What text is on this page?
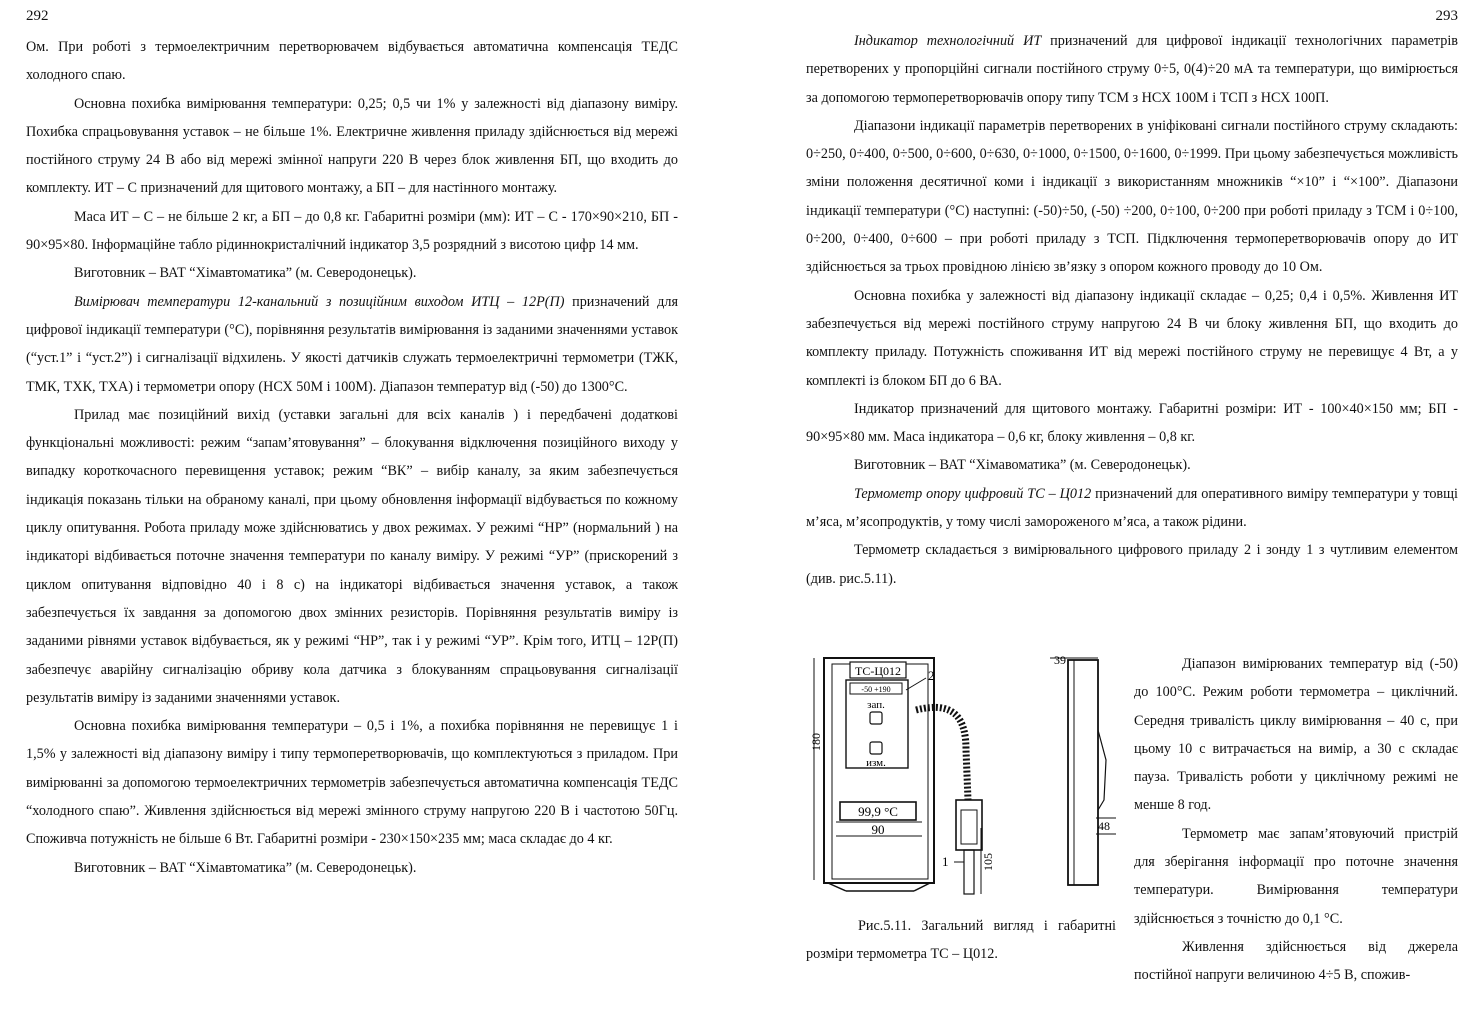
292

Ом. При роботі з термоелектричним перетворювачем відбувається автоматична компенсація ТЕДС холодного спаю.

Основна похибка вимірювання температури: 0,25; 0,5 чи 1% у залежності від діапазону виміру. Похибка спрацьовування уставок – не більше 1%. Електричне живлення приладу здійснюється від мережі постійного струму 24 В або від мережі змінної напруги 220 В через блок живлення БП, що входить до комплекту. ИТ – С призначений для щитового монтажу, а БП – для настінного монтажу.

Маса ИТ – С – не більше 2 кг, а БП – до 0,8 кг. Габаритні розміри (мм): ИТ – С - 170×90×210, БП - 90×95×80. Інформаційне табло рідиннокристалічний індикатор 3,5 розрядний з висотою цифр 14 мм.

Виготовник – ВАТ “Хімавтоматика” (м. Северодонецьк).

Вимірювач температури 12-канальний з позиційним виходом ИТЦ – 12Р(П) призначений для цифрової індикації температури (°С), порівняння результатів вимірювання із заданими значеннями уставок (“уст.1” і “уст.2”) і сигналізації відхилень. У якості датчиків служать термоелектричні термометри (ТЖК, ТМК, ТХК, ТХА) і термометри опору (НСХ 50М і 100М). Діапазон температур від (-50) до 1300°С.

Прилад має позиційний вихід (уставки загальні для всіх каналів ) і передбачені додаткові функціональні можливості: режим “запам’ятовування” – блокування відключення позиційного виходу у випадку короткочасного перевищення уставок; режим “ВК” – вибір каналу, за яким забезпечується індикація показань тільки на обраному каналі, при цьому обновлення інформації відбувається по кожному циклу опитування. Робота приладу може здійснюватись у двох режимах. У режимі “НР” (нормальний ) на індикаторі відбивається поточне значення температури по каналу виміру. У режимі “УР” (прискорений з циклом опитування відповідно 40 і 8 с) на індикаторі відбивається значення уставок, а також забезпечується їх завдання за допомогою двох змінних резисторів. Порівняння результатів виміру із заданими рівнями уставок відбувається, як у режимі “НР”, так і у режимі “УР”. Крім того, ИТЦ – 12Р(П) забезпечує аварійну сигналізацію обриву кола датчика з блокуванням спрацьовування сигналізації результатів виміру із заданими значеннями уставок.

Основна похибка вимірювання температури – 0,5 і 1%, а похибка порівняння не перевищує 1 і 1,5% у залежності від діапазону виміру і типу термоперетворювачів, що комплектуються з приладом. При вимірюванні за допомогою термоелектричних термометрів забезпечується автоматична компенсація ТЕДС “холодного спаю”. Живлення здійснюється від мережі змінного струму напругою 220 В і частотою 50Гц. Споживча потужність не більше 6 Вт. Габаритні розміри - 230×150×235 мм; маса складає до 4 кг.

Виготовник – ВАТ “Хімавтоматика” (м. Северодонецьк).

293

Індикатор технологічний ИТ призначений для цифрової індикації технологічних параметрів перетворених у пропорційні сигнали постійного струму 0÷5, 0(4)÷20 мА та температури, що вимірюється за допомогою термоперетворювачів опору типу ТСМ з НСХ 100М і ТСП з НСХ 100П.

Діапазони індикації параметрів перетворених в уніфіковані сигнали постійного струму складають: 0÷250, 0÷400, 0÷500, 0÷600, 0÷630, 0÷1000, 0÷1500, 0÷1600, 0÷1999. При цьому забезпечується можливість зміни положення десятичної коми і індикації з використанням множників “×10” і “×100”. Діапазони індикації температури (°С) наступні: (-50)÷50, (-50) ÷200, 0÷100, 0÷200 при роботі приладу з ТСМ і 0÷100, 0÷200, 0÷400, 0÷600 – при роботі приладу з ТСП. Підключення термоперетворювачів опору до ИТ здійснюється за трьох провідною лінією зв’язку з опором кожного проводу до 10 Ом.

Основна похибка у залежності від діапазону індикації складає – 0,25; 0,4 і 0,5%. Живлення ИТ забезпечується від мережі постійного струму напругою 24 В чи блоку живлення БП, що входить до комплекту приладу. Потужність споживання ИТ від мережі постійного струму не перевищує 4 Вт, а у комплекті із блоком БП до 6 ВА.

Індикатор призначений для щитового монтажу. Габаритні розміри: ИТ - 100×40×150 мм; БП - 90×95×80 мм. Маса індикатора – 0,6 кг, блоку живлення – 0,8 кг.

Виготовник – ВАТ “Хімавоматика” (м. Северодонецьк).

Термометр опору цифровий ТС – Ц012 призначений для оперативного виміру температури у товщі м’яса, м’ясопродуктів, у тому числі замороженого м’яса, а також рідини.

Термометр складається з вимірювального цифрового приладу 2 і зонду 1 з чутливим елементом (див. рис.5.11).

ТС-Ц012
-50 +190
зап.
изм.
99,9 °С
90
180
2
105
1
39
48
Рис.5.11. Загальний вигляд і габаритні розміри термометра ТС – Ц012.

Діапазон вимірюваних температур від (-50) до 100°С. Режим роботи термометра – циклічний. Середня тривалість циклу вимірювання – 40 с, при цьому 10 с витрачається на вимір, а 30 с складає пауза. Тривалість роботи у циклічному режимі не менше 8 год.

Термометр має запам’ятовуючий пристрій для зберігання інформації про поточне значення температури. Вимірювання температури здійснюється з точністю до 0,1 °С.

Живлення здійснюється від джерела постійної напруги величиною 4÷5 В, спожив-
